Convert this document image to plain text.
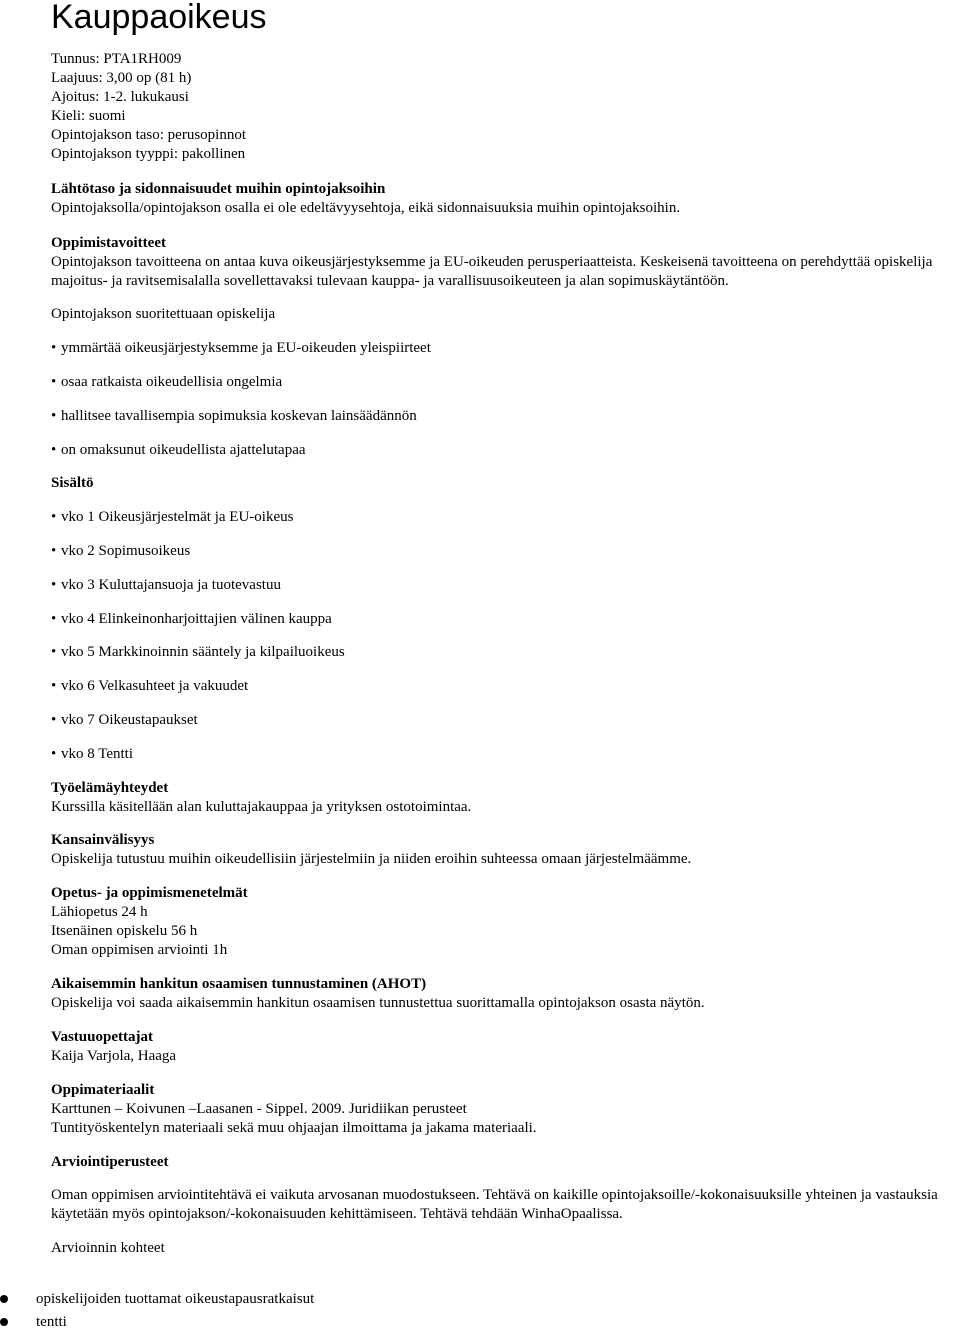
Kauppaoikeus
Tunnus: PTA1RH009
Laajuus: 3,00 op (81 h)
Ajoitus: 1-2. lukukausi
Kieli: suomi
Opintojakson taso: perusopinnot
Opintojakson tyyppi: pakollinen
Lähtötaso ja sidonnaisuudet muihin opintojaksoihin
Opintojaksolla/opintojakson osalla ei ole edeltävyysehtoja, eikä sidonnaisuuksia muihin opintojaksoihin.
Oppimistavoitteet
Opintojakson tavoitteena on antaa kuva oikeusjärjestyksemme ja EU-oikeuden perusperiaatteista. Keskeisenä tavoitteena on perehdyttää opiskelija majoitus- ja ravitsemisalalla sovellettavaksi tulevaan kauppa- ja varallisuusoikeuteen ja alan sopimuskäytäntöön.
Opintojakson suoritettuaan opiskelija
• ymmärtää oikeusjärjestyksemme ja EU-oikeuden yleispiirteet
• osaa ratkaista oikeudellisia ongelmia
• hallitsee tavallisempia sopimuksia koskevan lainsäädännön
• on omaksunut oikeudellista ajattelutapaa
Sisältö
• vko 1 Oikeusjärjestelmät ja EU-oikeus
• vko 2 Sopimusoikeus
• vko 3 Kuluttajansuoja ja tuotevastuu
• vko 4 Elinkeinonharjoittajien välinen kauppa
• vko 5 Markkinoinnin sääntely ja kilpailuoikeus
• vko 6 Velkasuhteet ja vakuudet
• vko 7 Oikeustapaukset
• vko 8 Tentti
Työelämäyhteydet
Kurssilla käsitellään alan kuluttajakauppaa ja yrityksen ostotoimintaa.
Kansainvälisyys
Opiskelija tutustuu muihin oikeudellisiin järjestelmiin ja niiden eroihin suhteessa omaan järjestelmäämme.
Opetus- ja oppimismenetelmät
Lähiopetus 24 h
Itsenäinen opiskelu 56 h
Oman oppimisen arviointi 1h
Aikaisemmin hankitun osaamisen tunnustaminen (AHOT)
Opiskelija voi saada aikaisemmin hankitun osaamisen tunnustettua suorittamalla opintojakson osasta näytön.
Vastuuopettajat
Kaija Varjola, Haaga
Oppimateriaalit
Karttunen – Koivunen –Laasanen - Sippel. 2009. Juridiikan perusteet
Tuntityöskentelyn materiaali sekä muu ohjaajan ilmoittama ja jakama materiaali.
Arviointiperusteet
Oman oppimisen arviointitehtävä ei vaikuta arvosanan muodostukseen. Tehtävä on kaikille opintojaksoille/-kokonaisuuksille yhteinen ja vastauksia käytetään myös opintojakson/-kokonaisuuden kehittämiseen. Tehtävä tehdään WinhaOpaalissa.
Arvioinnin kohteet
opiskelijoiden tuottamat oikeustapausratkaisut
tentti
